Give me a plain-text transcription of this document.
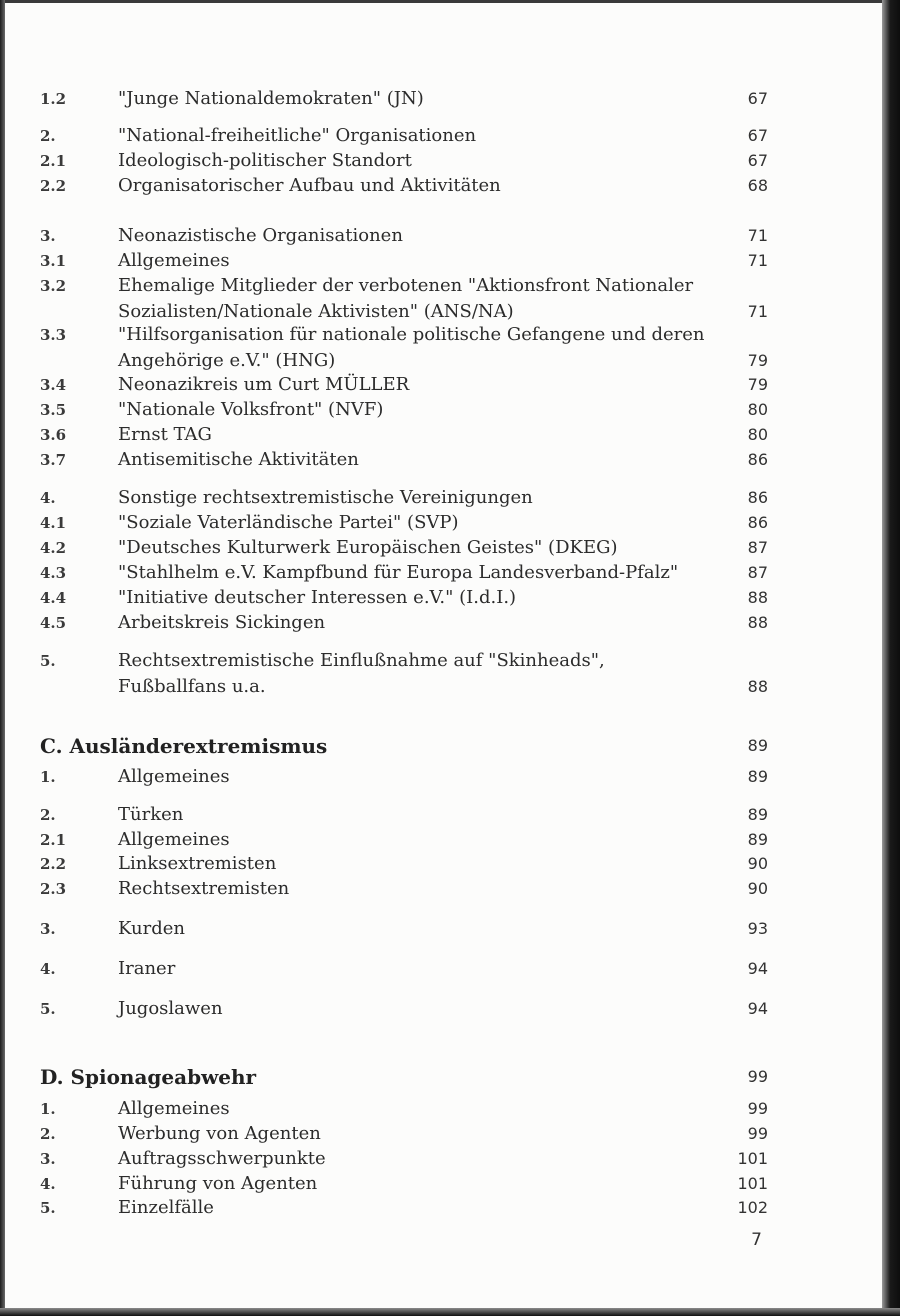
1.2	"Junge Nationaldemokraten" (JN)	67
2.	"National-freiheitliche" Organisationen	67
2.1	Ideologisch-politischer Standort	67
2.2	Organisatorischer Aufbau und Aktivitäten	68
3.	Neonazistische Organisationen	71
3.1	Allgemeines	71
3.2	Ehemalige Mitglieder der verbotenen "Aktionsfront Nationaler Sozialisten/Nationale Aktivisten" (ANS/NA)	71
3.3	"Hilfsorganisation für nationale politische Gefangene und deren Angehörige e.V." (HNG)	79
3.4	Neonazikreis um Curt MÜLLER	79
3.5	"Nationale Volksfront" (NVF)	80
3.6	Ernst TAG	80
3.7	Antisemitische Aktivitäten	86
4.	Sonstige rechtsextremistische Vereinigungen	86
4.1	"Soziale Vaterländische Partei" (SVP)	86
4.2	"Deutsches Kulturwerk Europäischen Geistes" (DKEG)	87
4.3	"Stahlhelm e.V. Kampfbund für Europa Landesverband-Pfalz"	87
4.4	"Initiative deutscher Interessen e.V." (I.d.I.)	88
4.5	Arbeitskreis Sickingen	88
5.	Rechtsextremistische Einflußnahme auf "Skinheads", Fußballfans u.a.	88
C. Ausländerextremismus	89
1.	Allgemeines	89
2.	Türken	89
2.1	Allgemeines	89
2.2	Linksextremisten	90
2.3	Rechtsextremisten	90
3.	Kurden	93
4.	Iraner	94
5.	Jugoslawen	94
D. Spionageabwehr	99
1.	Allgemeines	99
2.	Werbung von Agenten	99
3.	Auftragsschwerpunkte	101
4.	Führung von Agenten	101
5.	Einzelfälle	102
7
